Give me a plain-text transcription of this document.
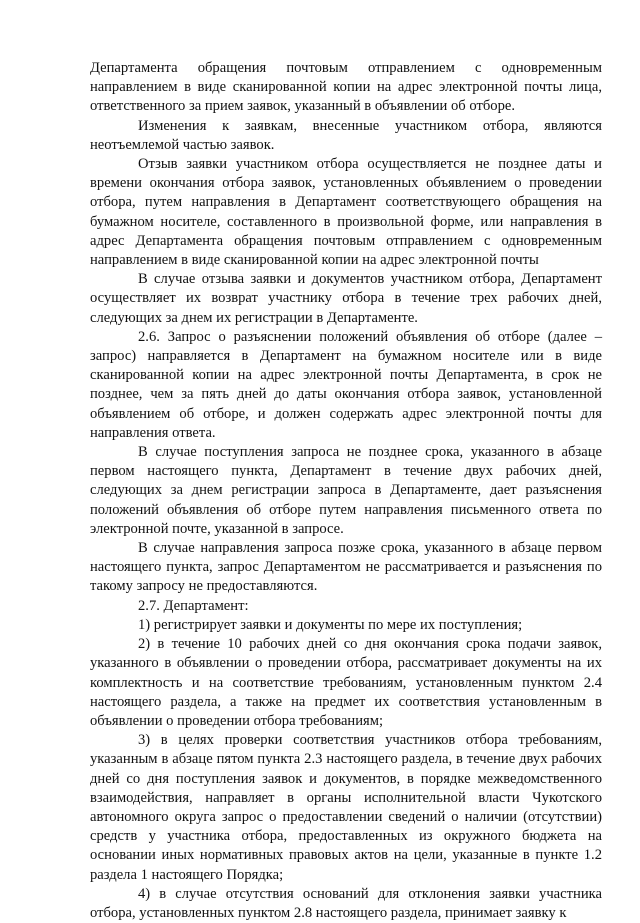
Департамента обращения почтовым отправлением с одновременным направлением в виде сканированной копии на адрес электронной почты лица, ответственного за прием заявок, указанный в объявлении об отборе.

Изменения к заявкам, внесенные участником отбора, являются неотъемлемой частью заявок.

Отзыв заявки участником отбора осуществляется не позднее даты и времени окончания отбора заявок, установленных объявлением о проведении отбора, путем направления в Департамент соответствующего обращения на бумажном носителе, составленного в произвольной форме, или направления в адрес Департамента обращения почтовым отправлением с одновременным направлением в виде сканированной копии на адрес электронной почты

В случае отзыва заявки и документов участником отбора, Департамент осуществляет их возврат участнику отбора в течение трех рабочих дней, следующих за днем их регистрации в Департаменте.

2.6. Запрос о разъяснении положений объявления об отборе (далее – запрос) направляется в Департамент на бумажном носителе или в виде сканированной копии на адрес электронной почты Департамента, в срок не позднее, чем за пять дней до даты окончания отбора заявок, установленной объявлением об отборе, и должен содержать адрес электронной почты для направления ответа.

В случае поступления запроса не позднее срока, указанного в абзаце первом настоящего пункта, Департамент в течение двух рабочих дней, следующих за днем регистрации запроса в Департаменте, дает разъяснения положений объявления об отборе путем направления письменного ответа по электронной почте, указанной в запросе.

В случае направления запроса позже срока, указанного в абзаце первом настоящего пункта, запрос Департаментом не рассматривается и разъяснения по такому запросу не предоставляются.

2.7. Департамент:

1) регистрирует заявки и документы по мере их поступления;

2) в течение 10 рабочих дней со дня окончания срока подачи заявок, указанного в объявлении о проведении отбора, рассматривает документы на их комплектность и на соответствие требованиям, установленным пунктом 2.4 настоящего раздела, а также на предмет их соответствия установленным в объявлении о проведении отбора требованиям;

3) в целях проверки соответствия участников отбора требованиям, указанным в абзаце пятом пункта 2.3 настоящего раздела, в течение двух рабочих дней со дня поступления заявок и документов, в порядке межведомственного взаимодействия, направляет в органы исполнительной власти Чукотского автономного округа запрос о предоставлении сведений о наличии (отсутствии) средств у участника отбора, предоставленных из окружного бюджета на основании иных нормативных правовых актов на цели, указанные в пункте 1.2 раздела 1 настоящего Порядка;

4) в случае отсутствия оснований для отклонения заявки участника отбора, установленных пунктом 2.8 настоящего раздела, принимает заявку к
